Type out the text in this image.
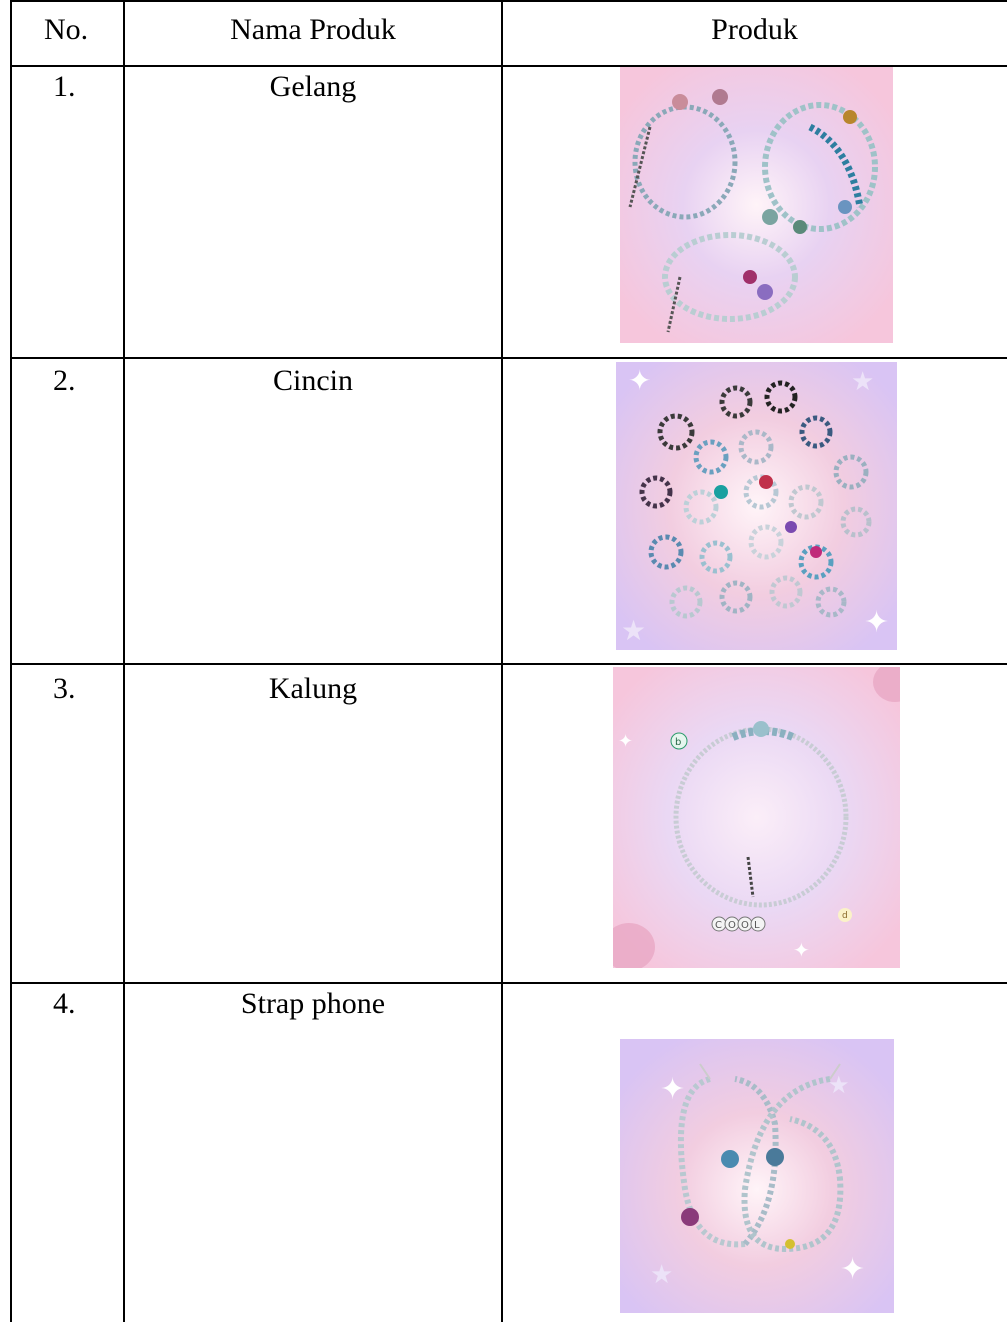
No.	Nama Produk	Produk
1.	Gelang
2.	Cincin	✦	★
★	✦
3.	Kalung
b
d
C O O L
✦
✦
4.	Strap phone
✦	★
★	✦
